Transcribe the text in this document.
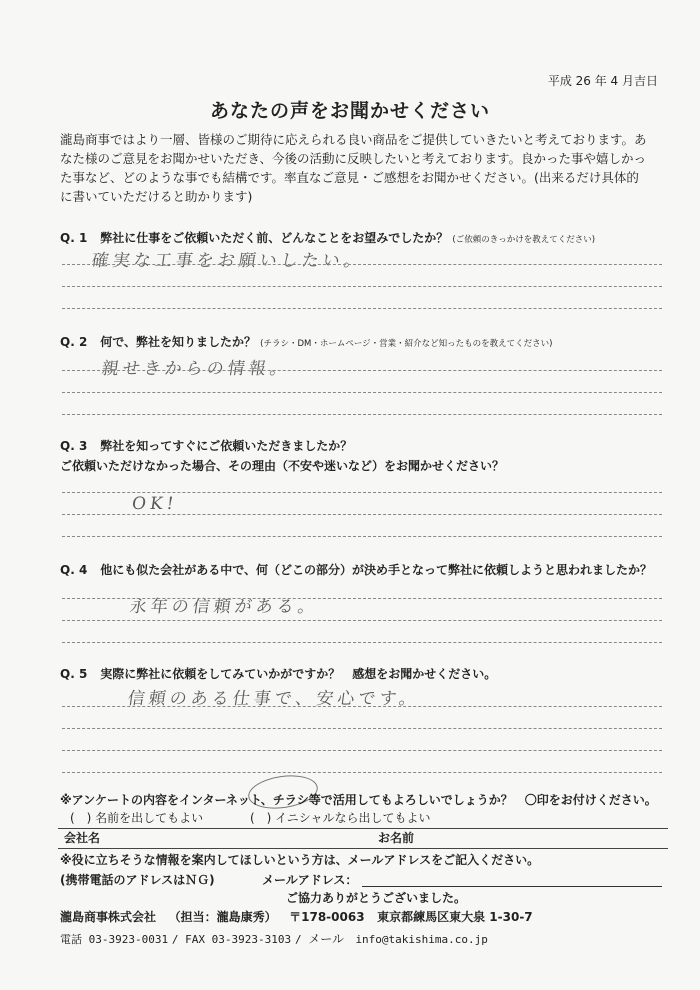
平成 26 年 4 月吉日
あなたの声をお聞かせください
瀧島商事ではより一層、皆様のご期待に応えられる良い商品をご提供していきたいと考えております。あなた様のご意見をお聞かせいただき、今後の活動に反映したいと考えております。良かった事や嬉しかった事など、どのような事でも結構です。率直なご意見・ご感想をお聞かせください。(出来るだけ具体的に書いていただけると助かります)
Q. 1 弊社に仕事をご依頼いただく前、どんなことをお望みでしたか？ (ご依頼のきっかけを教えてください)
確実な工事をお願いしたい。
Q. 2 何で、弊社を知りましたか？ (チラシ・DM・ホームページ・営業・紹介など知ったものを教えてください)
親せきからの情報。
Q. 3 弊社を知ってすぐにご依頼いただきましたか？
ご依頼いただけなかった場合、その理由（不安や迷いなど）をお聞かせください？
OK!
Q. 4 他にも似た会社がある中で、何（どこの部分）が決め手となって弊社に依頼しようと思われましたか？
永年の信頼がある。
Q. 5 実際に弊社に依頼をしてみていかがですか？　感想をお聞かせください。
信頼のある仕事で、安心です。
※アンケートの内容をインターネット、チラシ等で活用してもよろしいでしょうか？　〇印をお付けください。
(　) 名前を出してもよい	(　) イニシャルなら出してもよい
会社名	お名前
※役に立ちそうな情報を案内してほしいという方は、メールアドレスをご記入ください。
(携帯電話のアドレスはＮＧ)	メールアドレス：
ご協力ありがとうございました。
瀧島商事株式会社 （担当：瀧島康秀） 〒178-0063 東京都練馬区東大泉 1-30-7
電話 03-3923-0031 / FAX 03-3923-3103 / メール info@takishima.co.jp
